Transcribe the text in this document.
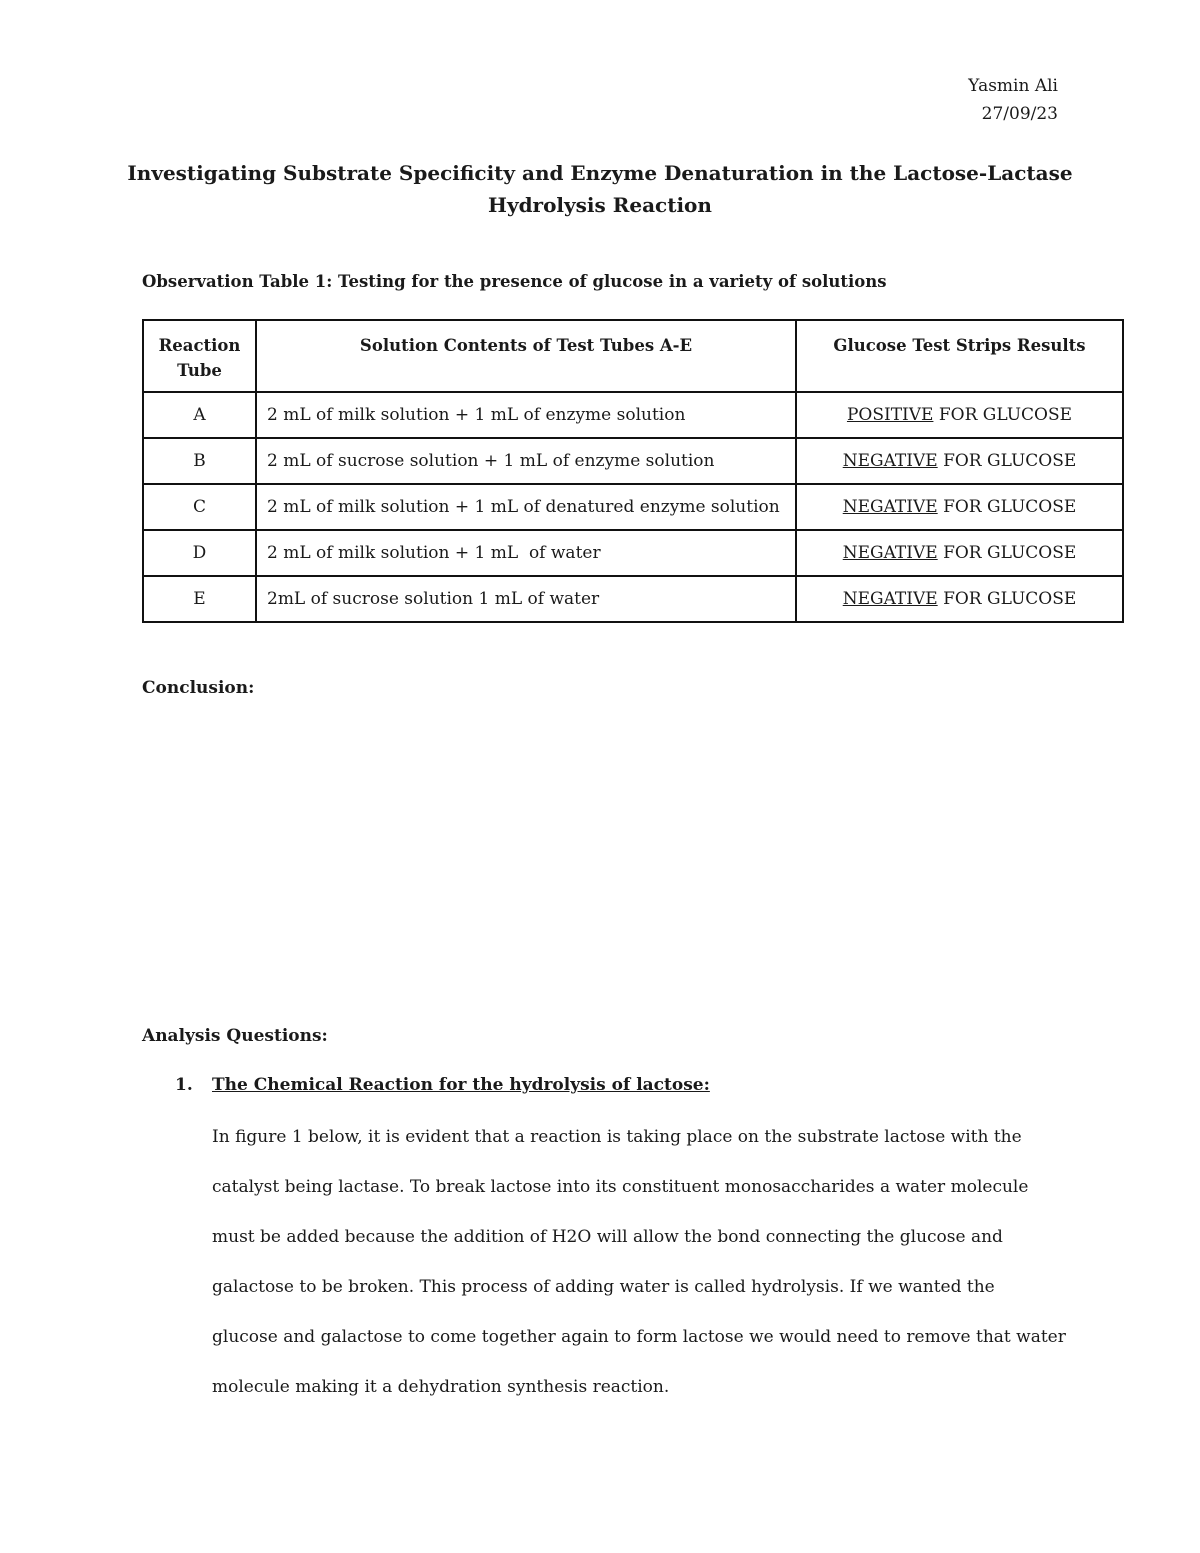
Yasmin Ali
27/09/23
Investigating Substrate Specificity and Enzyme Denaturation in the Lactose-Lactase
Hydrolysis Reaction
Observation Table 1: Testing for the presence of glucose in a variety of solutions
Reaction
Tube	Solution Contents of Test Tubes A-E	Glucose Test Strips Results
A	2 mL of milk solution + 1 mL of enzyme solution	POSITIVE FOR GLUCOSE
B	2 mL of sucrose solution + 1 mL of enzyme solution	NEGATIVE FOR GLUCOSE
C	2 mL of milk solution + 1 mL of denatured enzyme solution	NEGATIVE FOR GLUCOSE
D	2 mL of milk solution + 1 mL  of water	NEGATIVE FOR GLUCOSE
E	2mL of sucrose solution 1 mL of water	NEGATIVE FOR GLUCOSE
Conclusion:
Analysis Questions:
1. The Chemical Reaction for the hydrolysis of lactose:

In figure 1 below, it is evident that a reaction is taking place on the substrate lactose with the

catalyst being lactase. To break lactose into its constituent monosaccharides a water molecule

must be added because the addition of H2O will allow the bond connecting the glucose and

galactose to be broken. This process of adding water is called hydrolysis. If we wanted the

glucose and galactose to come together again to form lactose we would need to remove that water

molecule making it a dehydration synthesis reaction.
